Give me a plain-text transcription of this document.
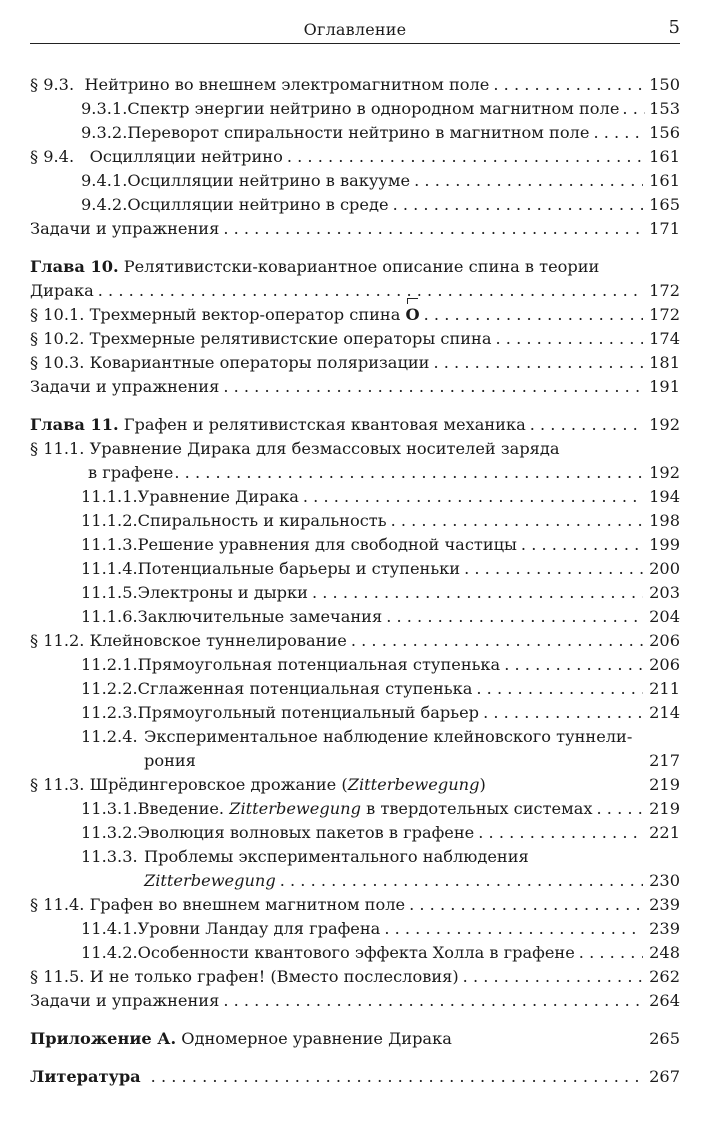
Оглавление	5
§ 9.3. Нейтрино во внешнем электромагнитном поле . . .	150
9.3.1. Спектр энергии нейтрино в однородном магнитном поле . . . 153
9.3.2. Переворот спиральности нейтрино в магнитном поле . . .	156
§ 9.4. Осцилляции нейтрино . . .	161
9.4.1. Осцилляции нейтрино в вакууме . . .	161
9.4.2. Осцилляции нейтрино в среде . . .	165
Задачи и упражнения . . .	171
Глава 10. Релятивистски-ковариантное описание спина в теории
Дирака . . .	172
§ 10.1. Трехмерный вектор-оператор спина O . . .	172
§ 10.2. Трехмерные релятивистские операторы спина . . .	174
§ 10.3. Ковариантные операторы поляризации . . .	181
Задачи и упражнения . . .	191
Глава 11. Графен и релятивистская квантовая механика . . .	192
§ 11.1. Уравнение Дирака для безмассовых носителей заряда
в графене . . .	192
11.1.1. Уравнение Дирака . . .	194
11.1.2. Спиральность и киральность . . .	198
11.1.3. Решение уравнения для свободной частицы . . .	199
11.1.4. Потенциальные барьеры и ступеньки . . .	200
11.1.5. Электроны и дырки . . .	203
11.1.6. Заключительные замечания . . .	204
§ 11.2. Клейновское туннелирование . . .	206
11.2.1. Прямоугольная потенциальная ступенька . . .	206
11.2.2. Сглаженная потенциальная ступенька . . .	211
11.2.3. Прямоугольный потенциальный барьер . . .	214
11.2.4. Экспериментальное наблюдение клейновского туннели-
рония	217
§ 11.3. Шрёдингеровское дрожание (Zitterbewegung)	219
11.3.1. Введение. Zitterbewegung в твердотельных системах . . .	219
11.3.2. Эволюция волновых пакетов в графене . . .	221
11.3.3. Проблемы экспериментального наблюдения
Zitterbewegung . . .	230
§ 11.4. Графен во внешнем магнитном поле . . .	239
11.4.1. Уровни Ландау для графена . . .	239
11.4.2. Особенности квантового эффекта Холла в графене . . .	248
§ 11.5. И не только графен! (Вместо послесловия) . . .	262
Задачи и упражнения . . .	264
Приложение А. Одномерное уравнение Дирака	265
Литература . . .	267
